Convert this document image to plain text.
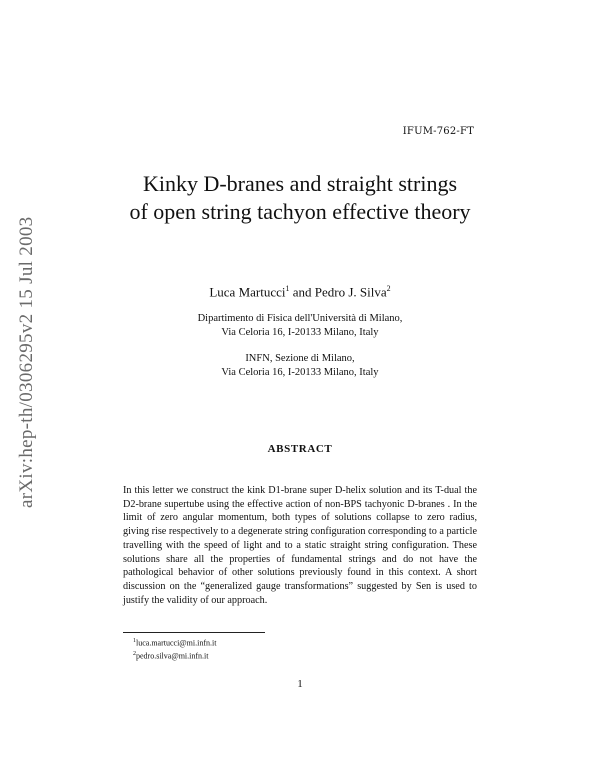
IFUM-762-FT
arXiv:hep-th/0306295v2 15 Jul 2003
Kinky D-branes and straight strings
of open string tachyon effective theory
Luca Martucci$^1$ and Pedro J. Silva$^2$
Dipartimento di Fisica dell'Università di Milano,
Via Celoria 16, I-20133 Milano, Italy
INFN, Sezione di Milano,
Via Celoria 16, I-20133 Milano, Italy
ABSTRACT

In this letter we construct the kink D1-brane super D-helix solution and its T-dual the D2-brane supertube using the effective action of non-BPS tachyonic D-branes . In the limit of zero angular momentum, both types of solutions collapse to zero radius, giving rise respectively to a degenerate string configuration corresponding to a particle travelling with the speed of light and to a static straight string configuration. These solutions share all the properties of fundamental strings and do not have the pathological behavior of other solutions previously found in this context. A short discussion on the “generalized gauge transformations” suggested by Sen is used to justify the validity of our approach.

$^1$luca.martucci@mi.infn.it
$^2$pedro.silva@mi.infn.it
1
